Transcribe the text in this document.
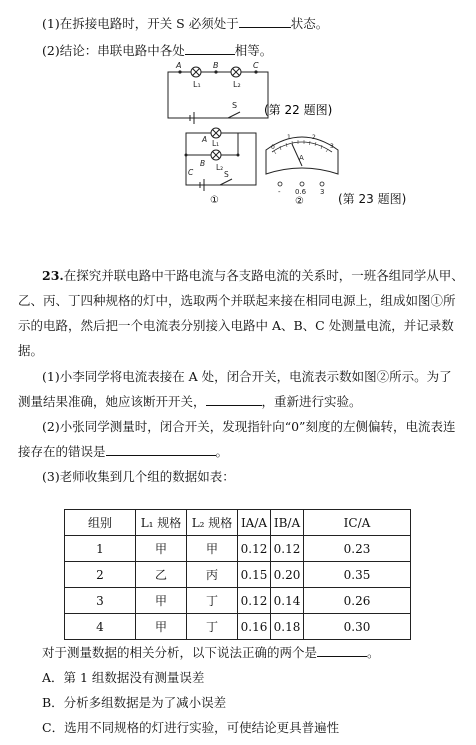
(1)在拆接电路时，开关 S 必须处于	状态。
(2)结论：串联电路中各处	相等。
A
L₁
B
L₂
C
S (第 22 题图)
A L₁
B L₂
C	S
①
0
1	2
3
A
- 0.6 3
②	(第 23 题图)
23.在探究并联电路中干路电流与各支路电流的关系时，一班各组同学从甲、
乙、丙、丁四种规格的灯中，选取两个并联起来接在相同电源上，组成如图①所
示的电路，然后把一个电流表分别接入电路中 A、B、C 处测量电流，并记录数
据。
(1)小李同学将电流表接在 A 处，闭合开关，电流表示数如图②所示。为了
测量结果准确，她应该断开开关，	，重新进行实验。
(2)小张同学测量时，闭合开关，发现指针向“0”刻度的左侧偏转，电流表连
接存在的错误是	。
(3)老师收集到几个组的数据如表：
组别	L₁ 规格	L₂ 规格	IA/A	IB/A	IC/A
1	甲	甲	0.12	0.12	0.23
2	乙	丙	0.15	0.20	0.35
3	甲	丁	0.12	0.14	0.26
4	甲	丁	0.16	0.18	0.30
对于测量数据的相关分析，以下说法正确的两个是	。
A．第 1 组数据没有测量误差
B．分析多组数据是为了减小误差
C．选用不同规格的灯进行实验，可使结论更具普遍性
